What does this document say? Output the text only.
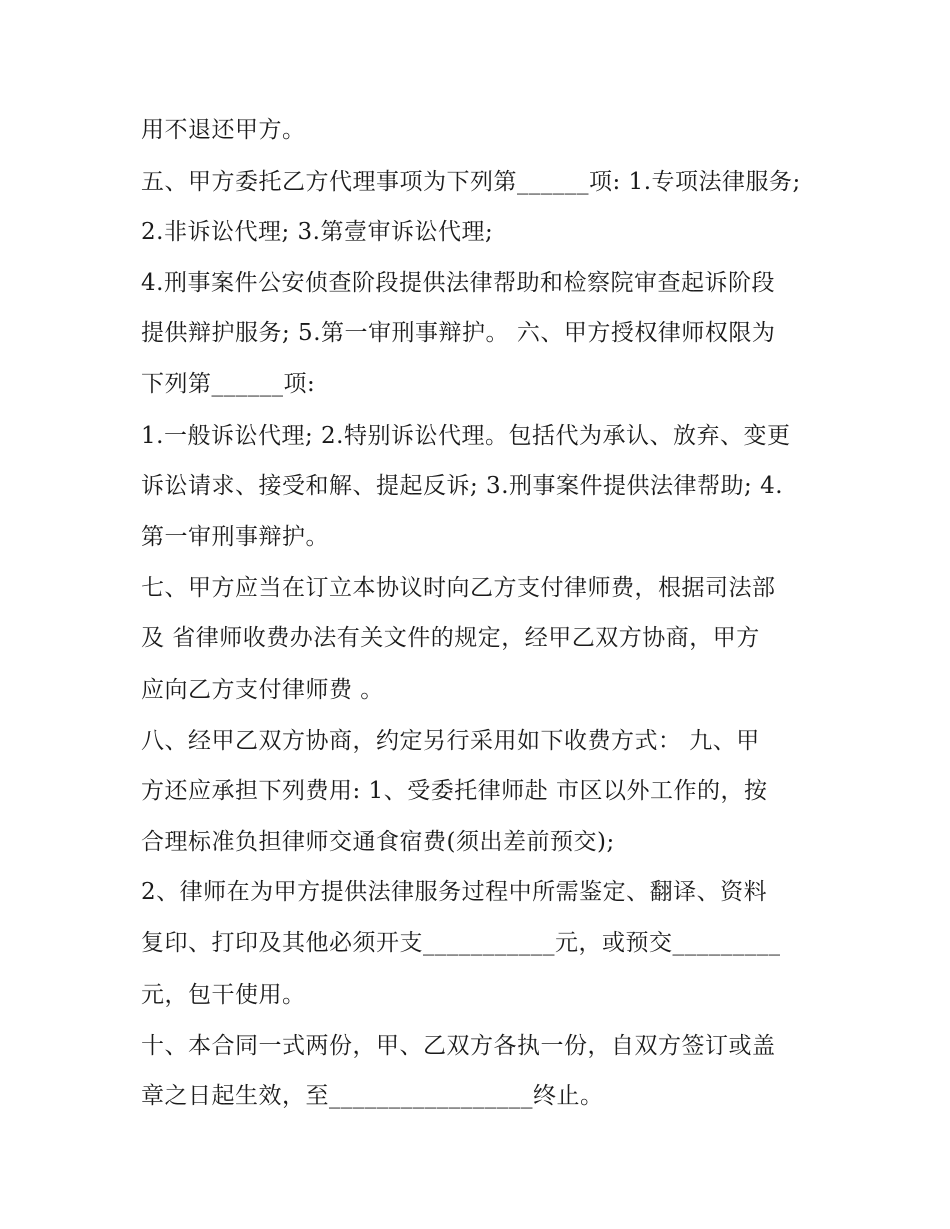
用不退还甲方。
五、甲方委托乙方代理事项为下列第______项: 1.专项法律服务;
2.非诉讼代理; 3.第壹审诉讼代理;
4.刑事案件公安侦查阶段提供法律帮助和检察院审查起诉阶段
提供辩护服务; 5.第一审刑事辩护。 六、甲方授权律师权限为
下列第______项:
1.一般诉讼代理; 2.特别诉讼代理。包括代为承认、放弃、变更
诉讼请求、接受和解、提起反诉; 3.刑事案件提供法律帮助; 4.
第一审刑事辩护。
七、甲方应当在订立本协议时向乙方支付律师费，根据司法部
及 省律师收费办法有关文件的规定，经甲乙双方协商，甲方
应向乙方支付律师费 。
八、经甲乙双方协商，约定另行采用如下收费方式： 九、甲
方还应承担下列费用: 1、受委托律师赴 市区以外工作的，按
合理标准负担律师交通食宿费(须出差前预交);
2、律师在为甲方提供法律服务过程中所需鉴定、翻译、资料
复印、打印及其他必须开支___________元，或预交_________
元，包干使用。
十、本合同一式两份，甲、乙双方各执一份，自双方签订或盖
章之日起生效，至_________________终止。
